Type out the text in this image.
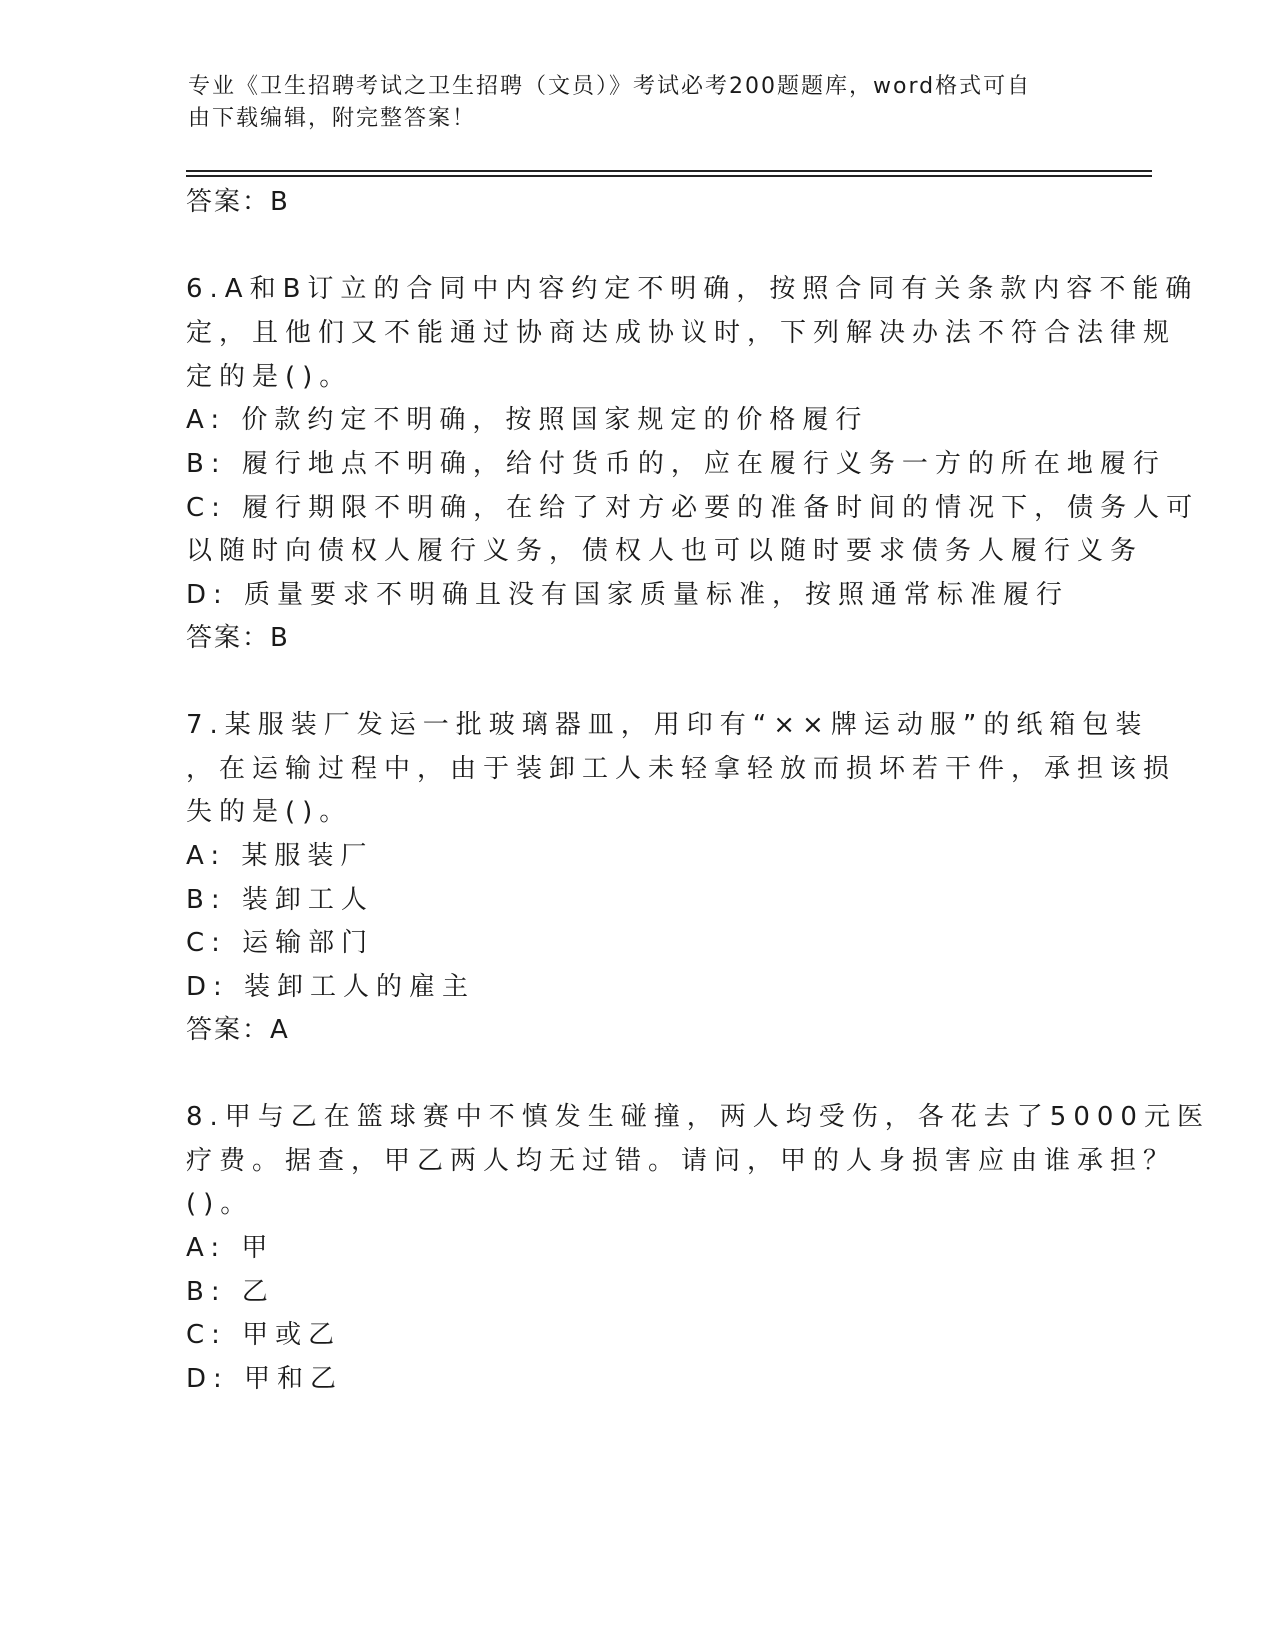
专业《卫生招聘考试之卫生招聘（文员）》考试必考200题题库，word格式可自
由下载编辑，附完整答案！
答案：B
6.A和B订立的合同中内容约定不明确，按照合同有关条款内容不能确
定，且他们又不能通过协商达成协议时，下列解决办法不符合法律规
定的是()。
A: 价款约定不明确，按照国家规定的价格履行
B: 履行地点不明确，给付货币的，应在履行义务一方的所在地履行
C: 履行期限不明确，在给了对方必要的准备时间的情况下，债务人可
以随时向债权人履行义务，债权人也可以随时要求债务人履行义务
D: 质量要求不明确且没有国家质量标准，按照通常标准履行
答案：B
7.某服装厂发运一批玻璃器皿，用印有“××牌运动服”的纸箱包装
，在运输过程中，由于装卸工人未轻拿轻放而损坏若干件，承担该损
失的是()。
A: 某服装厂
B: 装卸工人
C: 运输部门
D: 装卸工人的雇主
答案：A
8.甲与乙在篮球赛中不慎发生碰撞，两人均受伤，各花去了5000元医
疗费。据查，甲乙两人均无过错。请问，甲的人身损害应由谁承担？
()。
A: 甲
B: 乙
C: 甲或乙
D: 甲和乙
